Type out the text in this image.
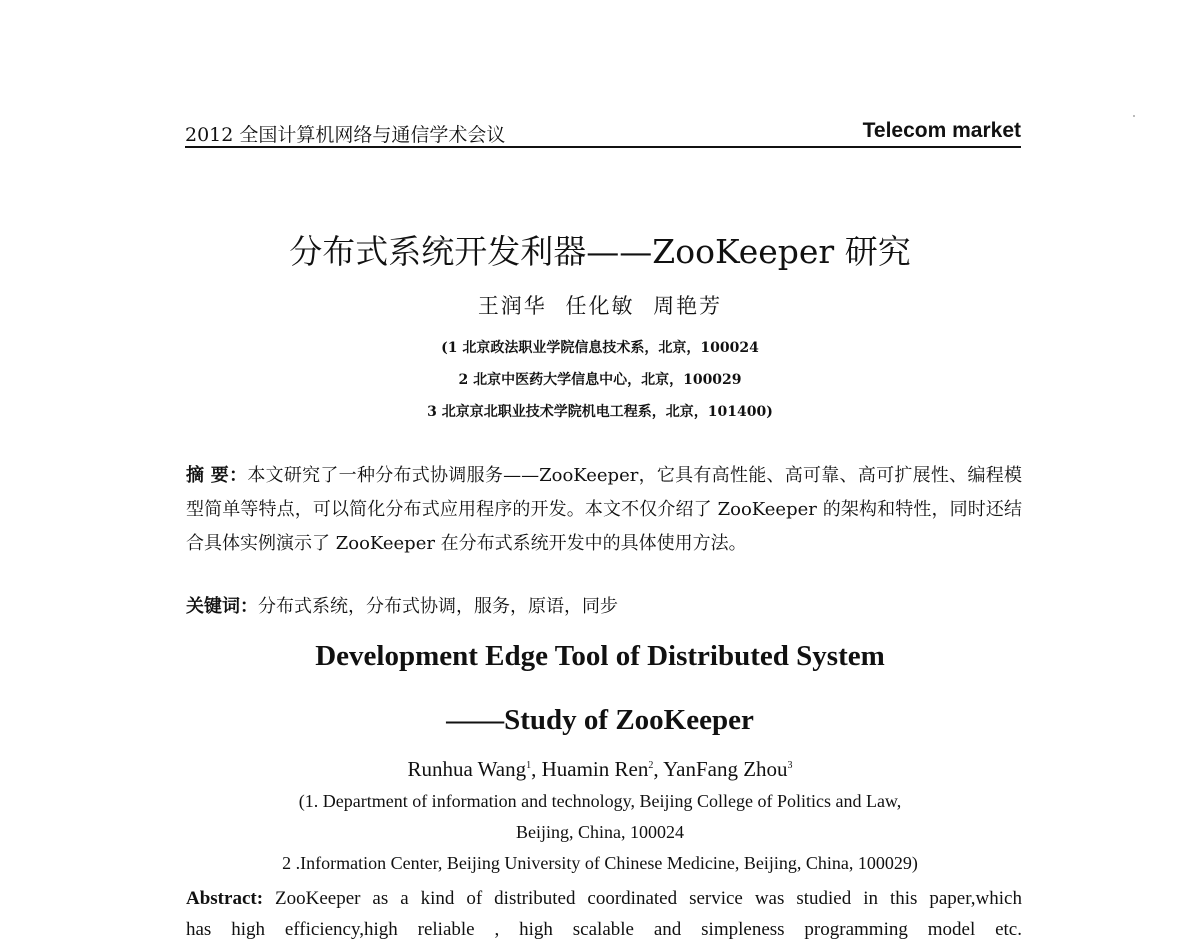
2012 全国计算机网络与通信学术会议	Telecom market
分布式系统开发利器——ZooKeeper 研究
王润华 任化敏 周艳芳
(1 北京政法职业学院信息技术系，北京，100024
2 北京中医药大学信息中心，北京，100029
3 北京京北职业技术学院机电工程系，北京，101400)
摘 要：本文研究了一种分布式协调服务——ZooKeeper，它具有高性能、高可靠、高可扩展性、编程模型简单等特点，可以简化分布式应用程序的开发。本文不仅介绍了 ZooKeeper 的架构和特性，同时还结合具体实例演示了 ZooKeeper 在分布式系统开发中的具体使用方法。
关键词：分布式系统，分布式协调，服务，原语，同步
Development Edge Tool of Distributed System
——Study of ZooKeeper
Runhua Wang$^1$, Huamin Ren$^2$, YanFang Zhou$^3$
(1. Department of information and technology, Beijing College of Politics and Law,
Beijing, China, 100024
2 .Information Center, Beijing University of Chinese Medicine, Beijing, China, 100029)
Abstract: ZooKeeper as a kind of distributed coordinated service was studied in this paper,which
has high efficiency,high reliable , high scalable and simpleness programming model etc.
